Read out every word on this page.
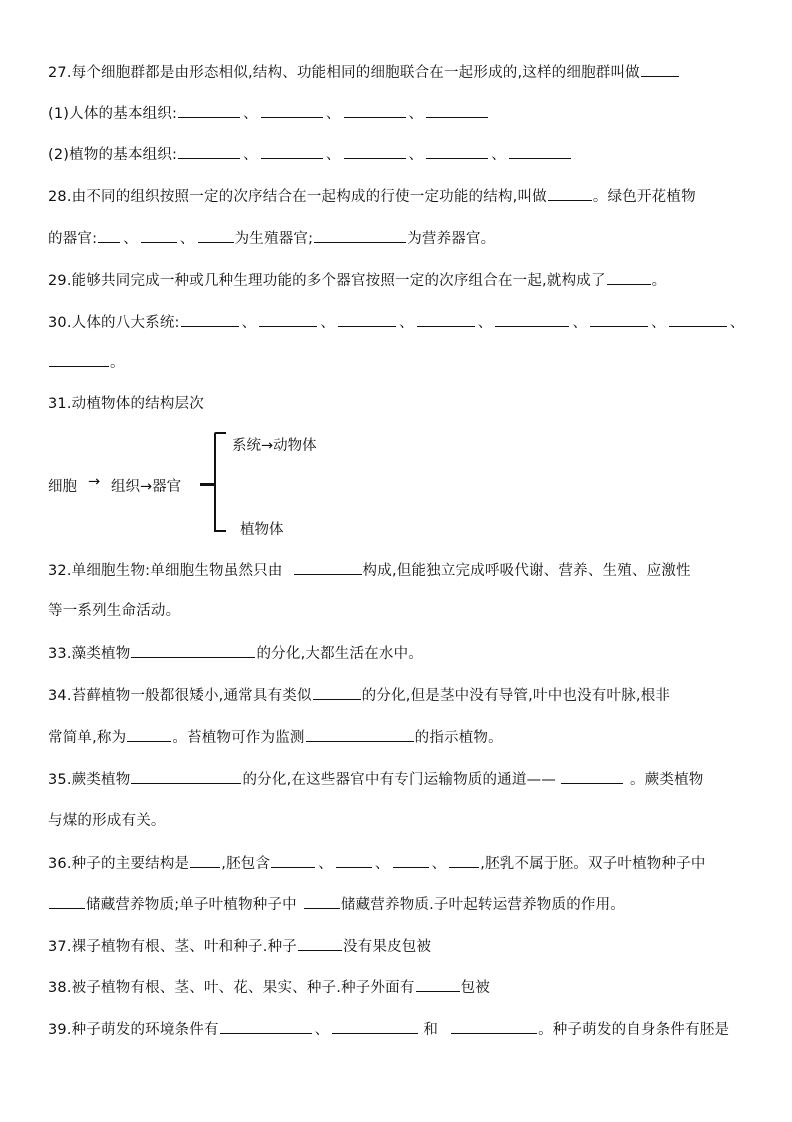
27.每个细胞群都是由形态相似,结构、功能相同的细胞联合在一起形成的,这样的细胞群叫做
(1)人体的基本组织:	、	、	、
(2)植物的基本组织:	、	、	、	、
28.由不同的组织按照一定的次序结合在一起构成的行使一定功能的结构,叫做	。绿色开花植物
的器官: 、	、	为生殖器官;	为营养器官。
29.能够共同完成一种或几种生理功能的多个器官按照一定的次序组合在一起,就构成了	。
30.人体的八大系统:	、	、	、	、	、	、	、
。
31.动植物体的结构层次
细胞 → 组织→器官
系统→动物体
植物体
32.单细胞生物:单细胞生物虽然只由	构成,但能独立完成呼吸代谢、营养、生殖、应激性
等一系列生命活动。
33.藻类植物	的分化,大都生活在水中。
34.苔藓植物一般都很矮小,通常具有类似	的分化,但是茎中没有导管,叶中也没有叶脉,根非
常简单,称为	。苔植物可作为监测	的指示植物。
35.蕨类植物	的分化,在这些器官中有专门运输物质的通道——	。蕨类植物
与煤的形成有关。
36.种子的主要结构是 ,胚包含	、	、	、 ,胚乳不属于胚。双子叶植物种子中
储藏营养物质;单子叶植物种子中	储藏营养物质.子叶起转运营养物质的作用。
37.裸子植物有根、茎、叶和种子.种子	没有果皮包被
38.被子植物有根、茎、叶、花、果实、种子.种子外面有	包被
39.种子萌发的环境条件有	、	和	。种子萌发的自身条件有胚是
